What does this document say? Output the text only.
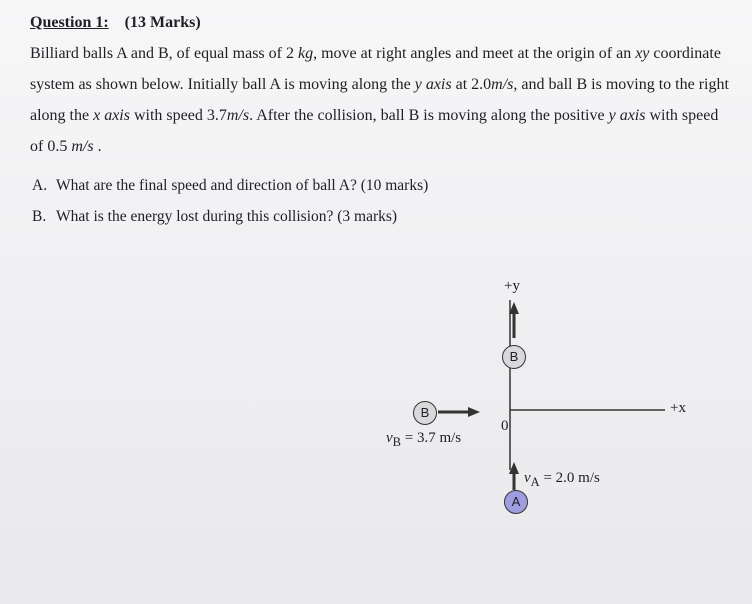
Question 1: (13 Marks)
Billiard balls A and B, of equal mass of 2 kg, move at right angles and meet at the origin of an xy coordinate system as shown below. Initially ball A is moving along the y axis at 2.0m/s, and ball B is moving to the right along the x axis with speed 3.7m/s. After the collision, ball B is moving along the positive y axis with speed of 0.5 m/s .
A. What are the final speed and direction of ball A? (10 marks)
B. What is the energy lost during this collision? (3 marks)
+y
+x
0
B
B
A
$v_B = 3.7$ m/s
$v_A = 2.0$ m/s
